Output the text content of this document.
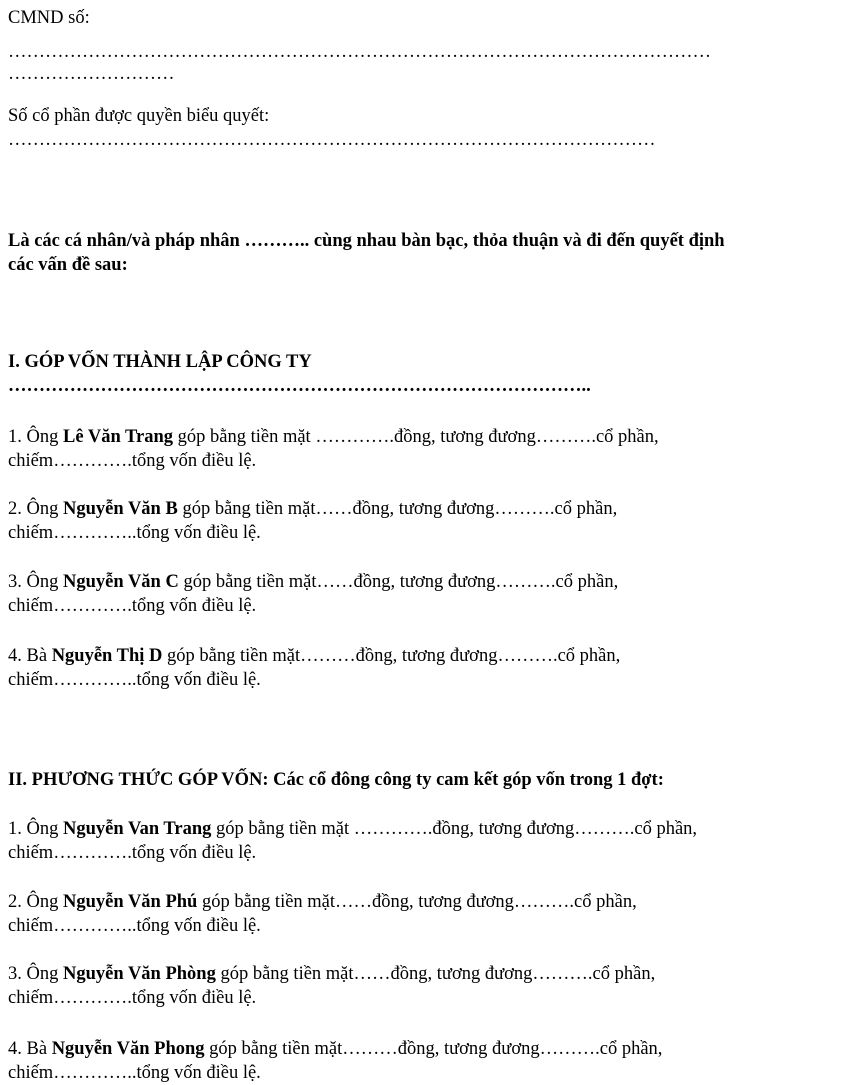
CMND số:
……………………………………………………………………………………………………
………………………
Số cổ phần được quyền biểu quyết:
……………………………………………………………………………………………
Là các cá nhân/và pháp nhân ……….. cùng nhau bàn bạc, thỏa thuận và đi đến quyết định
các vấn đề sau:
I. GÓP VỐN THÀNH LẬP CÔNG TY
…………………………………………………………………………………..
1. Ông Lê Văn Trang góp bằng tiền mặt ………….đồng, tương đương……….cổ phần,
chiếm………….tổng vốn điều lệ.
2. Ông Nguyễn Văn B góp bằng tiền mặt……đồng, tương đương……….cổ phần,
chiếm…………..tổng vốn điều lệ.
3. Ông Nguyễn Văn C góp bằng tiền mặt……đồng, tương đương……….cổ phần,
chiếm………….tổng vốn điều lệ.
4. Bà Nguyễn Thị D góp bằng tiền mặt………đồng, tương đương……….cổ phần,
chiếm…………..tổng vốn điều lệ.
II. PHƯƠNG THỨC GÓP VỐN: Các cổ đông công ty cam kết góp vốn trong 1 đợt:
1. Ông Nguyễn Van Trang góp bằng tiền mặt ………….đồng, tương đương……….cổ phần,
chiếm………….tổng vốn điều lệ.
2. Ông Nguyễn Văn Phú góp bằng tiền mặt……đồng, tương đương……….cổ phần,
chiếm…………..tổng vốn điều lệ.
3. Ông Nguyễn Văn Phòng góp bằng tiền mặt……đồng, tương đương……….cổ phần,
chiếm………….tổng vốn điều lệ.
4. Bà Nguyễn Văn Phong góp bằng tiền mặt………đồng, tương đương……….cổ phần,
chiếm…………..tổng vốn điều lệ.
